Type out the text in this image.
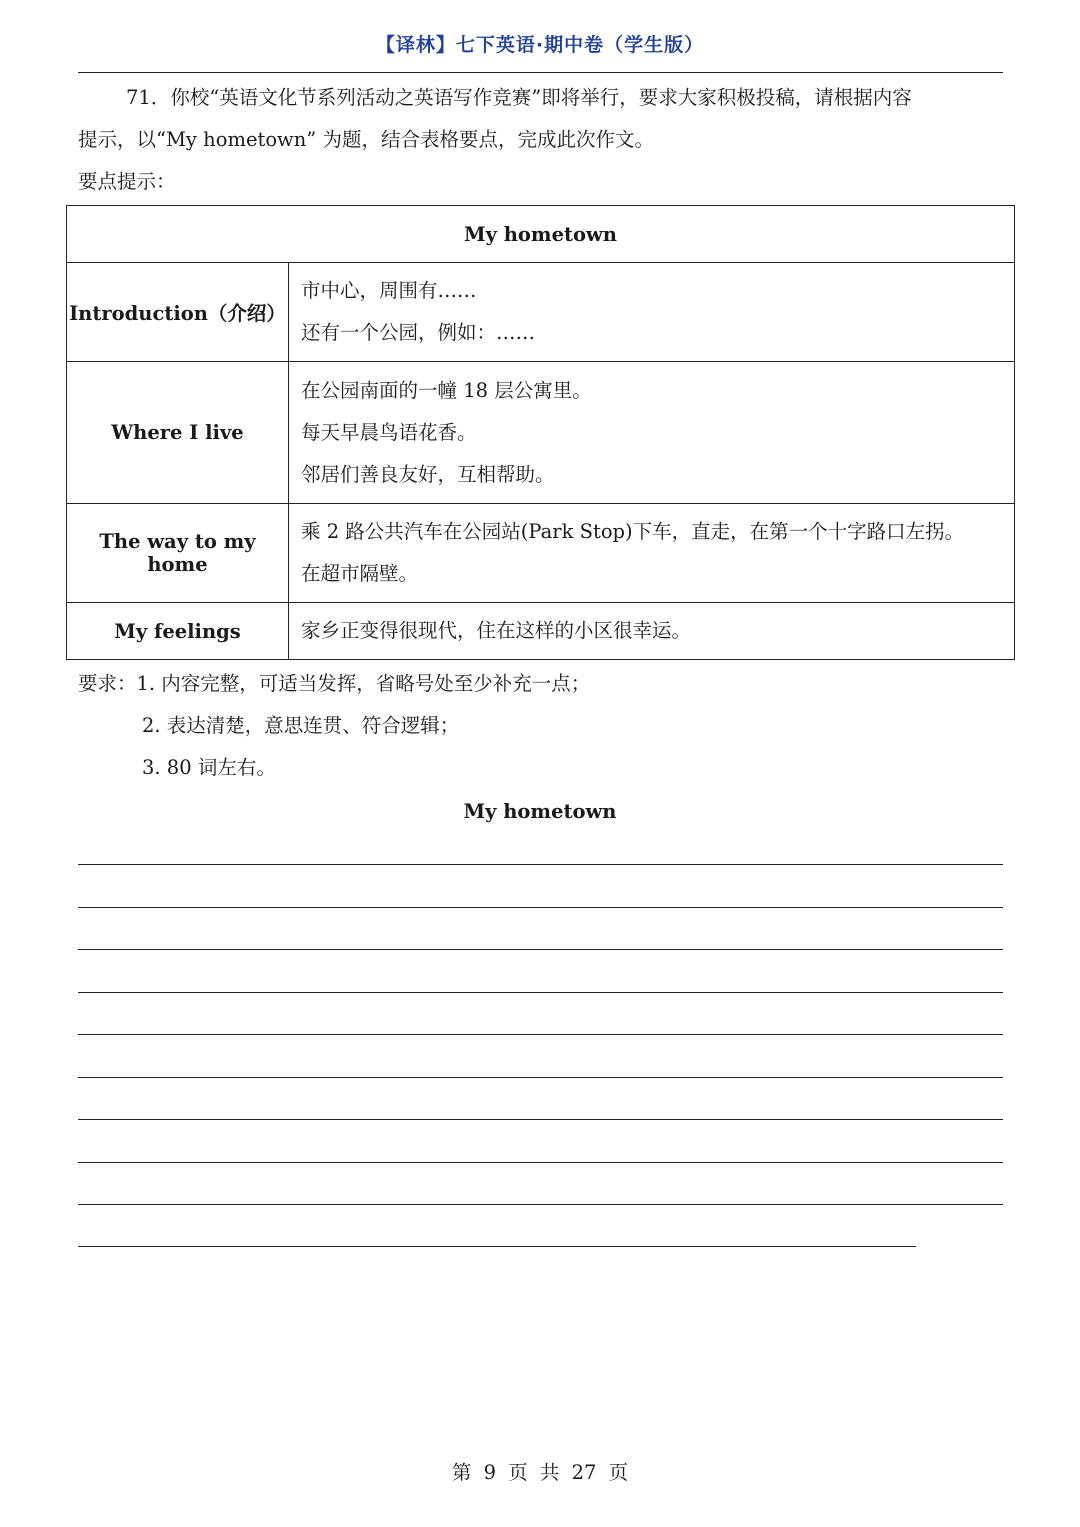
【译林】七下英语·期中卷（学生版）
71．你校“英语文化节系列活动之英语写作竞赛”即将举行，要求大家积极投稿，请根据内容
提示，以“My hometown” 为题，结合表格要点，完成此次作文。
要点提示：
My hometown	
Introduction（介绍）	市中心，周围有……
还有一个公园，例如：……

Where I live	在公园南面的一幢 18 层公寓里。
每天早晨鸟语花香。
邻居们善良友好，互相帮助。

The way to my home	乘 2 路公共汽车在公园站(Park Stop)下车，直走，在第一个十字路口左拐。
在超市隔壁。

My feelings	家乡正变得很现代，住在这样的小区很幸运。
要求：1. 内容完整，可适当发挥，省略号处至少补充一点；
2. 表达清楚，意思连贯、符合逻辑；
3. 80 词左右。
My hometown
第 9 页 共 27 页
